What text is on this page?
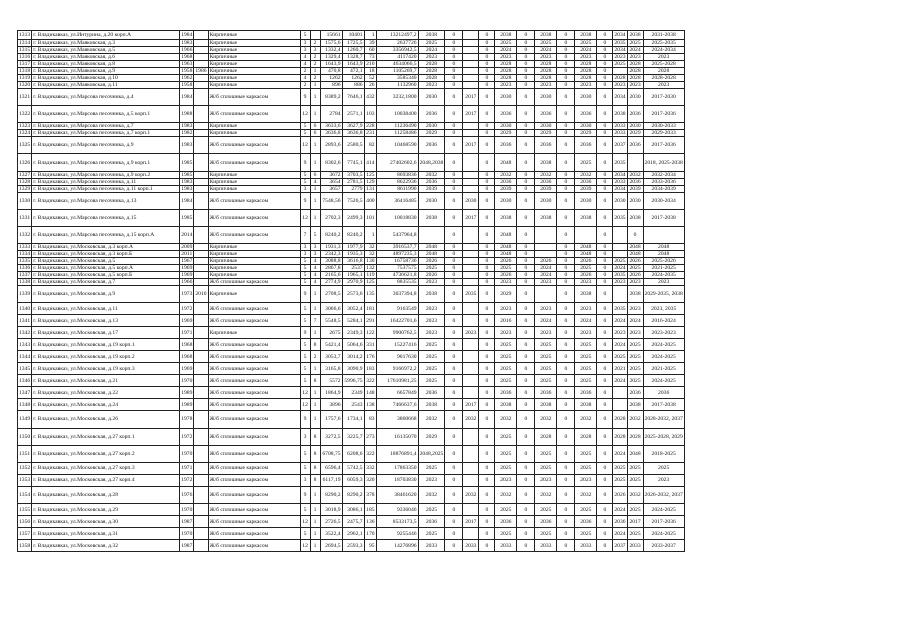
1313	г. Владикавказ, ул.Интурина, д.20 корп.А	1984		Кирпичные	5		15661	10401	1	13212497,2	2038	0		0	2038	0	2038	0	2038	0	2034	2038	2031-2038
1314	г. Владикавказ, ул.Маяковская, д.3	1983		Кирпичные	3	2	1575,6	1725,5	39	2637726	2025	0		0	2025	0	2025	0	2025	0	2035	2025	2025-2035
1315	г. Владикавказ, ул.Маяковская, д.5	1966		Кирпичные	3	3	1332,4	1260,7	60	3356942,5	2024	0		0	2024	0	2024	0	2024	0	2034	2024	2024-2034
1316	г. Владикавказ, ул.Маяковская, д.6	1968		Кирпичные	4	2	1329,4	1328,7	73	4117420	2023	0		0	2023	0	2023	0	2023	0	2023	2023	2023
1317	г. Владикавказ, ул.Маяковская, д.8	1963		Кирпичные	4	2	1643,9	1643,9	210	4634066,5	2028	0		0	2028	0	2028	0	2028	0	2025	2028	2025-2028
1318	г. Владикавказ, ул.Маяковская, д.9	1958	1986	Кирпичные	2	1	470,8	472,1	18	1105269,7	2028	0		0	2028	0	2028	0	2028	0		2028	2028
1319	г. Владикавказ, ул.Маяковская, д.10	1962		Кирпичные	4	2	1262	1262	52	3585340	2028	0		0	2028	0	2028	0	2028	0	2028	2028	2028-2028
1320	г. Владикавказ, ул.Маяковская, д.11	1958		Кирпичные	2	1	896	886	26	1132960	2023	0		0	2023	0	2023	0	2023	0	2023	2023	2023
1321	г. Владикавказ, ул.Марсова песочника, д.4	1984		Ж/б сплошные каркасом	9	1	8389,2	7646,1	432	3232,1800	2030	0	2017	0	2030	0	2030	0	2030	0	2034	2030	2017-2030
1322	г. Владикавказ, ул.Марсова песочника, д.5 корп.1	1988		Ж/б сплошные каркасом	12	1	2784	2571,1	103	10038400	2036	0	2017	0	2036	0	2036	0	2036	0	2038	2036	2017-2036
1323	г. Владикавказ, ул.Марсова песочника, д.7	1983		Кирпичные	5	6	3633,6	3627,9	228	11236490	2030	0		0	2030	0	2030	0	2030	0	2033	2030	2030-2033
1324	г. Владикавказ, ул.Марсова песочника, д.7 корп.1	1982		Кирпичные	5	6	3636,8	3636,8	231	11258486	2029	0		0	2029	0	2029	0	2029	0	2033	2029	2029-2033
1325	г. Владикавказ, ул.Марсова песочника, д.9	1983		Ж/б сплошные каркасом	12	1	2893,6	2580,5	82	10468590	2036	0	2017	0	2036	0	2036	0	2036	0	2037	2036	2017-2036
1326	г. Владикавказ, ул.Марсова песочника, д.9 корп.1	1985		Ж/б сплошные каркасом	9	1	8302,6	7745,1	414	27402602,6	2048,2038	0		0	2048	0	2038	0	2025	0	2035		2018, 2025-2038
1327	г. Владикавказ, ул.Марсова песочника, д.9 корп.2	1985		Кирпичные	5	6	3672	3703,5	125	8693836	2032	0		0	2032	0	2032	0	2032	0	2034	2032	2032-2034
1328	г. Владикавказ, ул.Марсова песочника, д.11	1983		Кирпичные	5	4	3654	2781,5	129	8622936	2036	0		0	2036	0	2036	0	2036	0	2033	2036	2033-2036
1329	г. Владикавказ, ул.Марсова песочника, д.11 корп.1	1983		Кирпичные	3	1	3657	2779	131	8611990	2039	0		0	2039	0	2039	0	2039	0	2034	2039	2034-2039
1330	г. Владикавказ, ул.Марсова песочника, д.13	1984		Ж/б сплошные каркасом	9	1	7548,56	7526,5	400	36416485	2030	0	2030	0	2030	0	2030	0	2030	0	2030	2030	2030-2034
1331	г. Владикавказ, ул.Марсова песочника, д.15	1985		Ж/б сплошные каркасом	12	1	2702,3	2499,3	101	10018830	2038	0	2017	0	2038	0	2038	0	2038	0	2035	2038	2017-2038
1332	г. Владикавказ, ул.Марсова песочника, д.15 корп.А	2014		Ж/б сплошные каркасом	7	5	8240,2	8240,2	1	5437964,8		0		0	2048	0		0		0		0	
1333	г. Владикавказ, ул.Московская, д.3 корп.А	2009		Кирпичные	3	3	1931,3	1977,9	32	3916537,7	2048	0		0	2048	0		0	2048	0		2048	2048
1334	г. Владикавказ, ул.Московская, д.3 корп.Б	2011		Кирпичные	3	3	2342,3	1935,3	32	4897235,3	2048	0		0	2048	0		0	2048	0		2048	2048
1335	г. Владикавказ, ул.Московская, д.5	1967		Кирпичные	5	4	3088,8	3616,8	130	16758736	2026	0		0	2026	0	2026	0	2026	0	2025	2026	2025-2026
1336	г. Владикавказ, ул.Московская, д.5 корп.А	1969		Кирпичные	5	4	2867,8	2537	132	7537575	2025	0		0	2025	0	2024	0	2025	0	2024	2025	2021-2025
1337	г. Владикавказ, ул.Московская, д.5 корп.Б	1969		Кирпичные	5	4	2165,6	1965,1	119	4736621,8	2026	0		0	2026	0	2024	0	2026	0	2035	2026	2024-2035
1338	г. Владикавказ, ул.Московская, д.7	1966		Ж/б сплошные каркасом	5	4	2774,9	2970,9	125	8835535	2023	0		0	2023	0	2023	0	2023	0	2023	2023	2023
1339	г. Владикавказ, ул.Московская, д.9	1973	2010	Кирпичные	9	1	2708,5	2573,6	135	3037394,8	2038	0	2035	0	2029	0		0	2038	0		2038	2029-2035, 2038
1340	г. Владикавказ, ул.Московская, д.11	1972		Ж/б сплошные каркасом	5	1	3066,6	3052,4	181	9163549	2023	0		0	2023	0	2023	0	2023	0	2035	2023	2023, 2035
1341	г. Владикавказ, ул.Московская, д.13	1969		Ж/б сплошные каркасом	5	7	5548,5	5284,1	291	16422701,6	2023	0		0	2016	0	2024	0	2024	0	2024	2024	2016-2024
1342	г. Владикавказ, ул.Московская, д.17	1971		Кирпичные	9	1	2675	2349,3	122	9900762,5	2023	0	2023	0	2023	0	2023	0	2023	0	2023	2023	2023-2023
1343	г. Владикавказ, ул.Московская, д.19 корп.1	1968		Ж/б сплошные каркасом	5	8	5421,4	5064,6	331	15227416	2025	0		0	2025	0	2025	0	2025	0	2024	2025	2024-2025
1344	г. Владикавказ, ул.Московская, д.19 корп.2	1968		Ж/б сплошные каркасом	5	2	3053,7	3014,2	176	9017630	2025	0		0	2025	0	2025	0	2025	0	2025	2025	2024-2025
1345	г. Владикавказ, ул.Московская, д.19 корп.3	1969		Ж/б сплошные каркасом	5	1	3165,8	3090,9	183	9166972,2	2025	0		0	2025	0	2025	0	2025	0	2021	2025	2021-2025
1346	г. Владикавказ, ул.Московская, д.21	1970		Ж/б сплошные каркасом	5	8	5572	5996,75	322	17610981,25	2025	0		0	2025	0	2025	0	2025	0	2024	2025	2024-2025
1347	г. Владикавказ, ул.Московская, д.22	1989		Ж/б сплошные каркасом	12	1	1864,9	2349	148	6657849	2036	0		0	2036	0	2036	0	2036	0		2036	2036
1348	г. Владикавказ, ул.Московская, д.24	1989		Ж/б сплошные каркасом	12	1	3896	2543	138	7466637,6	2038	0	2017	0	2038	0	2038	0	2038	0		2038	2017-2038
1349	г. Владикавказ, ул.Московская, д.26	1978		Ж/б сплошные каркасом	9	1	1757,6	1734,1	83	3860668	2032	0	2032	0	2032	0	2032	0	2032	0	2028	2032	2028-2032, 2037
1350	г. Владикавказ, ул.Московская, д.27 корп.1	1972		Ж/б сплошные каркасом	3	8	3272,5	3225,7	273	16135070	2029	0		0	2025	0	2028	0	2028	0	2028	2028	2025-2028, 2029
1351	г. Владикавказ, ул.Московская, д.27 корп.2	1970		Ж/б сплошные каркасом	5	8	6708,75	6208,6	322	18876891,4	2048,2025	0		0	2025	0	2025	0	2025	0	2024	2048	2018-2025
1352	г. Владикавказ, ул.Московская, д.27 корп.3	1971		Ж/б сплошные каркасом	5	8	6596,4	5742,5	332	17863350	2025	0		0	2025	0	2025	0	2025	0	2025	2025	2025
1353	г. Владикавказ, ул.Московская, д.27 корп.4	1972		Ж/б сплошные каркасом	3	8	6117,19	6059,3	320	18703830	2023	0		0	2023	0	2023	0	2023	0	2025	2025	2023
1354	г. Владикавказ, ул.Московская, д.28	1976		Ж/б сплошные каркасом	9	1	8290,2	8290,2	378	38461620	2032	0	2032	0	2032	0	2032	0	2032	0	2026	2032	2026-2032, 2037
1355	г. Владикавказ, ул.Московская, д.29	1970		Ж/б сплошные каркасом	5	1	3018,9	3086,1	185	9336046	2025	0		0	2025	0	2025	0	2025	0	2024	2025	2024-2025
1356	г. Владикавказ, ул.Московская, д.30	1987		Ж/б сплошные каркасом	12	1	2726,5	2475,7	136	8533173,5	2036	0	2017	0	2036	0	2036	0	2036	0	2036	2017	2017-2036
1357	г. Владикавказ, ул.Московская, д.31	1970		Ж/б сплошные каркасом	5	1	3522,4	2962,1	170	9255446	2025	0		0	2025	0	2025	0	2025	0	2024	2025	2024-2025
1358	г. Владикавказ, ул.Московская, д.32	1987		Ж/б сплошные каркасом	12	1	2694,5	2593,3	95	14276896	2033	0	2033	0	2033	0	2033	0	2033	0	2037	2033	2033-2037
